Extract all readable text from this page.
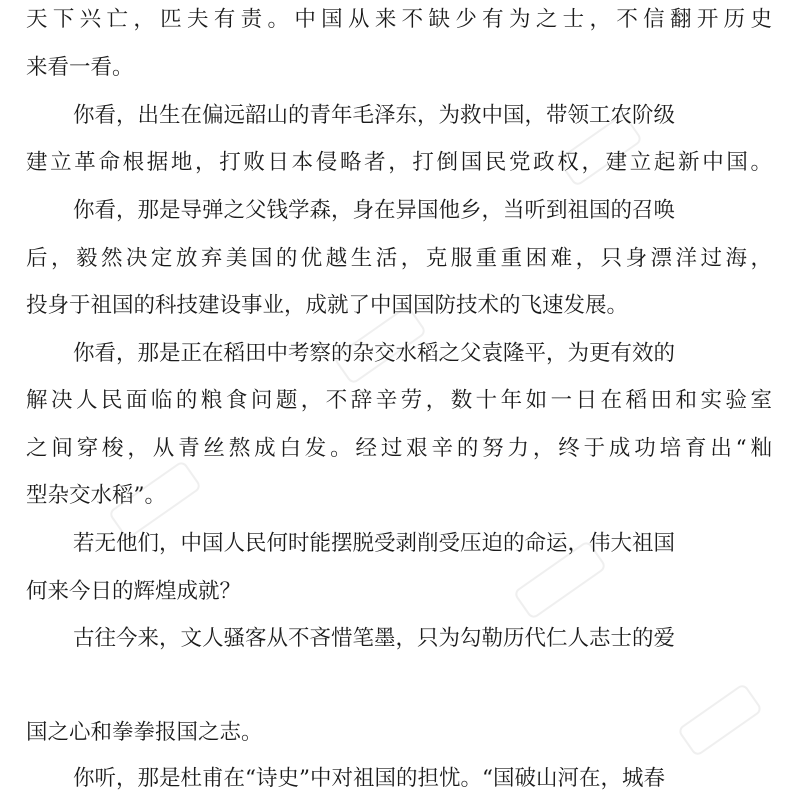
天下兴亡，匹夫有责。中国从来不缺少有为之士，不信翻开历史
来看一看。
你看，出生在偏远韶山的青年毛泽东，为救中国，带领工农阶级
建立革命根据地，打败日本侵略者，打倒国民党政权，建立起新中国。
你看，那是导弹之父钱学森，身在异国他乡，当听到祖国的召唤
后，毅然决定放弃美国的优越生活，克服重重困难，只身漂洋过海，
投身于祖国的科技建设事业，成就了中国国防技术的飞速发展。
你看，那是正在稻田中考察的杂交水稻之父袁隆平，为更有效的
解决人民面临的粮食问题，不辞辛劳，数十年如一日在稻田和实验室
之间穿梭，从青丝熬成白发。经过艰辛的努力，终于成功培育出“籼
型杂交水稻”。
若无他们，中国人民何时能摆脱受剥削受压迫的命运，伟大祖国
何来今日的辉煌成就？
古往今来，文人骚客从不吝惜笔墨，只为勾勒历代仁人志士的爱
国之心和拳拳报国之志。
你听，那是杜甫在“诗史”中对祖国的担忧。“国破山河在，城春
